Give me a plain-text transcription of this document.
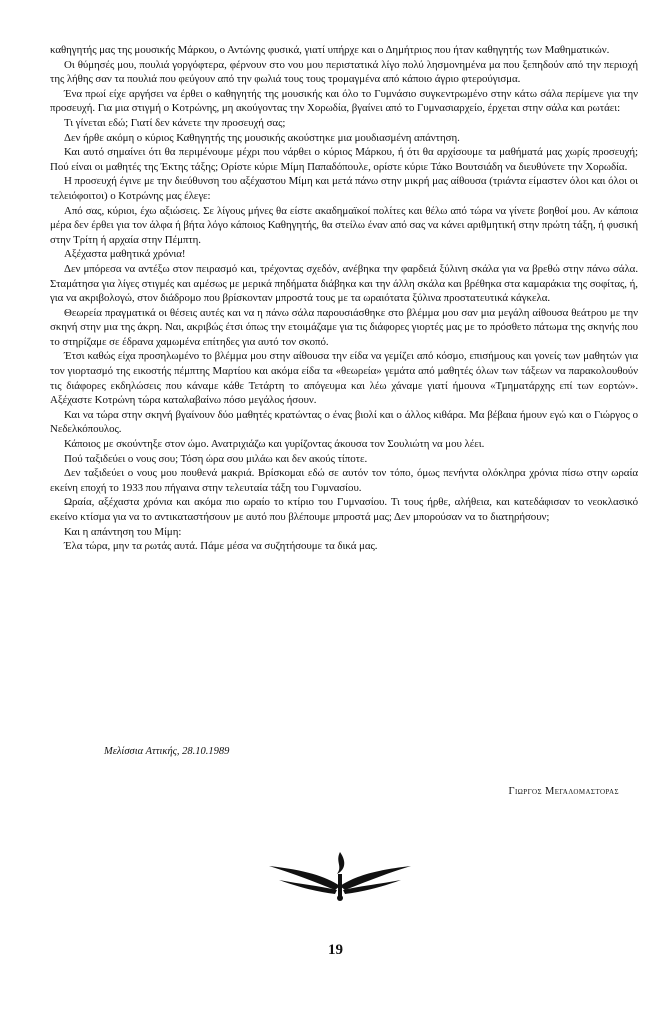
καθηγητής μας της μουσικής Μάρκου, ο Αντώνης φυσικά, γιατί υπήρχε και ο Δημήτριος που ήταν καθηγητής των Μαθηματικών.

Οι θύμησές μου, πουλιά γοργόφτερα, φέρνουν στο νου μου περιστατικά λίγο πολύ λησμονημένα μα που ξεπηδούν από την περιοχή της λήθης σαν τα πουλιά που φεύγουν από την φωλιά τους τους τρομαγμένα από κάποιο άγριο φτερούγισμα.

Ένα πρωί είχε αργήσει να έρθει ο καθηγητής της μουσικής και όλο το Γυμνάσιο συγκεντρωμένο στην κάτω σάλα περίμενε για την προσευχή. Για μια στιγμή ο Κοτρώνης, μη ακούγοντας την Χορωδία, βγαίνει από το Γυμνασιαρχείο, έρχεται στην σάλα και ρωτάει:

Τι γίνεται εδώ; Γιατί δεν κάνετε την προσευχή σας;

Δεν ήρθε ακόμη ο κύριος Καθηγητής της μουσικής ακούστηκε μια μουδιασμένη απάντηση.

Και αυτό σημαίνει ότι θα περιμένουμε μέχρι που νάρθει ο κύριος Μάρκου, ή ότι θα αρχίσουμε τα μαθήματά μας χωρίς προσευχή; Πού είναι οι μαθητές της Έκτης τάξης; Ορίστε κύριε Μίμη Παπαδόπουλε, ορίστε κύριε Τάκο Βουτσιάδη να διευθύνετε την Χορωδία.

Η προσευχή έγινε με την διεύθυνση του αξέχαστου Μίμη και μετά πάνω στην μικρή μας αίθουσα (τριάντα είμαστεν όλοι και όλοι οι τελειόφοιτοι) ο Κοτρώνης μας έλεγε:

Από σας, κύριοι, έχω αξιώσεις. Σε λίγους μήνες θα είστε ακαδημαϊκοί πολίτες και θέλω από τώρα να γίνετε βοηθοί μου. Αν κάποια μέρα δεν έρθει για τον άλφα ή βήτα λόγο κάποιος Καθηγητής, θα στείλω έναν από σας να κάνει αριθμητική στην πρώτη τάξη, ή φυσική στην Τρίτη ή αρχαία στην Πέμπτη.

Αξέχαστα μαθητικά χρόνια!

Δεν μπόρεσα να αντέξω στον πειρασμό και, τρέχοντας σχεδόν, ανέβηκα την φαρδειά ξύλινη σκάλα για να βρεθώ στην πάνω σάλα. Σταμάτησα για λίγες στιγμές και αμέσως με μερικά πηδήματα διάβηκα και την άλλη σκάλα και βρέθηκα στα καμαράκια της σοφίτας, ή, για να ακριβολογώ, στον διάδρομο που βρίσκονταν μπροστά τους με τα ωραιότατα ξύλινα προστατευτικά κάγκελα.

Θεωρεία πραγματικά οι θέσεις αυτές και να η πάνω σάλα παρουσιάσθηκε στο βλέμμα μου σαν μια μεγάλη αίθουσα θεάτρου με την σκηνή στην μια της άκρη. Ναι, ακριβώς έτσι όπως την ετοιμάζαμε για τις διάφορες γιορτές μας με το πρόσθετο πάτωμα της σκηνής που το στηρίζαμε σε έδρανα χαμωμένα επίτηδες για αυτό τον σκοπό.

Έτσι καθώς είχα προσηλωμένο το βλέμμα μου στην αίθουσα την είδα να γεμίζει από κόσμο, επισήμους και γονείς των μαθητών για τον γιορτασμό της εικοστής πέμπτης Μαρτίου και ακόμα είδα τα «θεωρεία» γεμάτα από μαθητές όλων των τάξεων να παρακολουθούν τις διάφορες εκδηλώσεις που κάναμε κάθε Τετάρτη το απόγευμα και λέω χάναμε γιατί ήμουνα «Τμηματάρχης επί των εορτών». Αξέχαστε Κοτρώνη τώρα καταλαβαίνω πόσο μεγάλος ήσουν.

Και να τώρα στην σκηνή βγαίνουν δύο μαθητές κρατώντας ο ένας βιολί και ο άλλος κιθάρα. Μα βέβαια ήμουν εγώ και ο Γιώργος ο Νεδελκόπουλος.

Κάποιος με σκούντηξε στον ώμο. Ανατριχιάζω και γυρίζοντας άκουσα τον Σουλιώτη να μου λέει.

Πού ταξιδεύει ο νους σου; Τόση ώρα σου μιλάω και δεν ακούς τίποτε.

Δεν ταξιδεύει ο νους μου πουθενά μακριά. Βρίσκομαι εδώ σε αυτόν τον τόπο, όμως πενήντα ολόκληρα χρόνια πίσω στην ωραία εκείνη εποχή το 1933 που πήγαινα στην τελευταία τάξη του Γυμνασίου.

Ωραία, αξέχαστα χρόνια και ακόμα πιο ωραίο το κτίριο του Γυμνασίου. Τι τους ήρθε, αλήθεια, και κατεδάφισαν το νεοκλασικό εκείνο κτίσμα για να το αντικαταστήσουν με αυτό που βλέπουμε μπροστά μας; Δεν μπορούσαν να το διατηρήσουν;

Και η απάντηση του Μίμη:

Έλα τώρα, μην τα ρωτάς αυτά. Πάμε μέσα να συζητήσουμε τα δικά μας.

Μελίσσια Αττικής, 28.10.1989
Γιωργος Μεγαλομαστορας
19
